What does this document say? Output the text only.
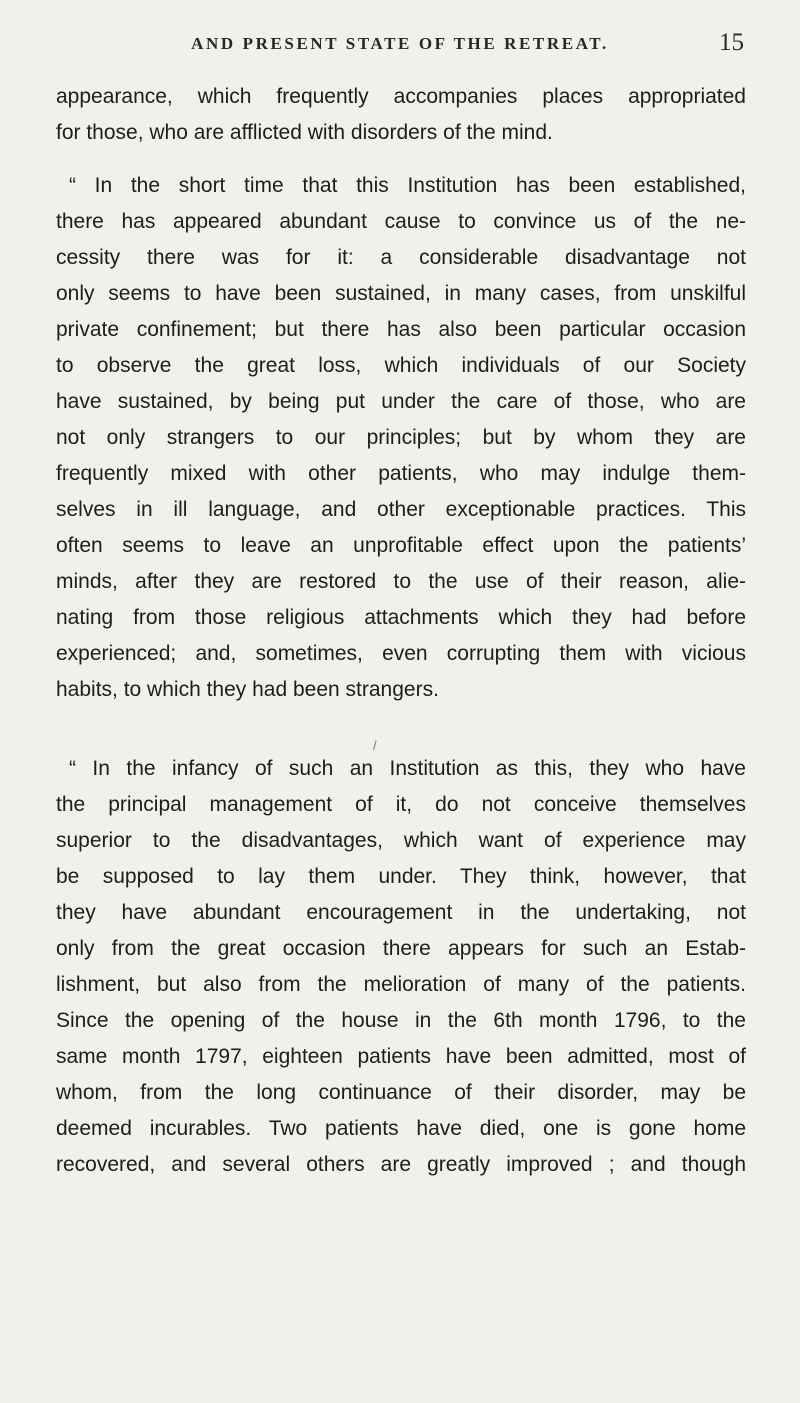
AND PRESENT STATE OF THE RETREAT.	15
appearance, which frequently accompanies places appropriated
for those, who are afflicted with disorders of the mind.
“ In the short time that this Institution has been established,
there has appeared abundant cause to convince us of the ne-
cessity there was for it: a considerable disadvantage not
only seems to have been sustained, in many cases, from unskilful
private confinement; but there has also been particular occasion
to observe the great loss, which individuals of our Society
have sustained, by being put under the care of those, who are
not only strangers to our principles; but by whom they are
frequently mixed with other patients, who may indulge them-
selves in ill language, and other exceptionable practices. This
often seems to leave an unprofitable effect upon the patients’
minds, after they are restored to the use of their reason, alie-
nating from those religious attachments which they had before
experienced; and, sometimes, even corrupting them with vicious
habits, to which they had been strangers.
“ In the infancy of such an Institution as this, they who have
the principal management of it, do not conceive themselves
superior to the disadvantages, which want of experience may
be supposed to lay them under. They think, however, that
they have abundant encouragement in the undertaking, not
only from the great occasion there appears for such an Estab-
lishment, but also from the melioration of many of the patients.
Since the opening of the house in the 6th month 1796, to the
same month 1797, eighteen patients have been admitted, most of
whom, from the long continuance of their disorder, may be
deemed incurables. Two patients have died, one is gone home
recovered, and several others are greatly improved ; and though
/
